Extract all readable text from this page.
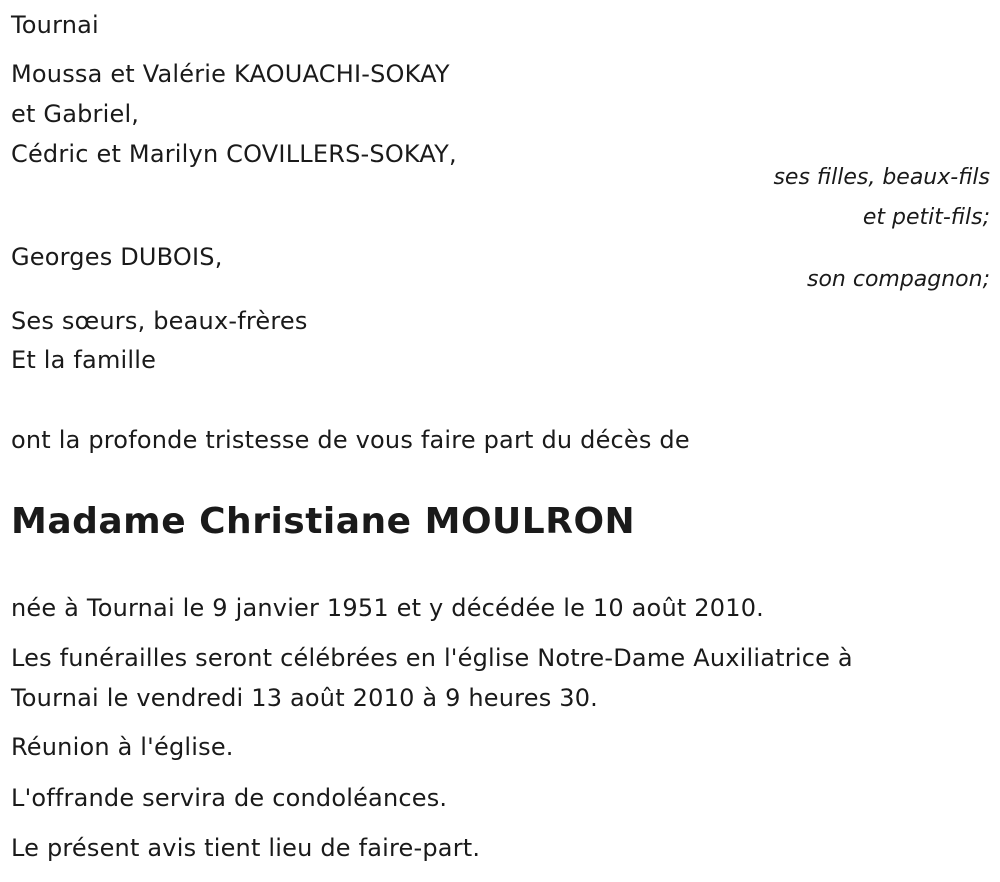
Tournai
Moussa et Valérie KAOUACHI-SOKAY
et Gabriel,
Cédric et Marilyn COVILLERS-SOKAY,
ses filles, beaux-fils
et petit-fils;
Georges DUBOIS,
son compagnon;
Ses sœurs, beaux-frères
Et la famille
ont la profonde tristesse de vous faire part du décès de
Madame Christiane MOULRON
née à Tournai le 9 janvier 1951 et y décédée le 10 août 2010.
Les funérailles seront célébrées en l'église Notre-Dame Auxiliatrice à
Tournai le vendredi 13 août 2010 à 9 heures 30.
Réunion à l'église.
L'offrande servira de condoléances.
Le présent avis tient lieu de faire-part.
